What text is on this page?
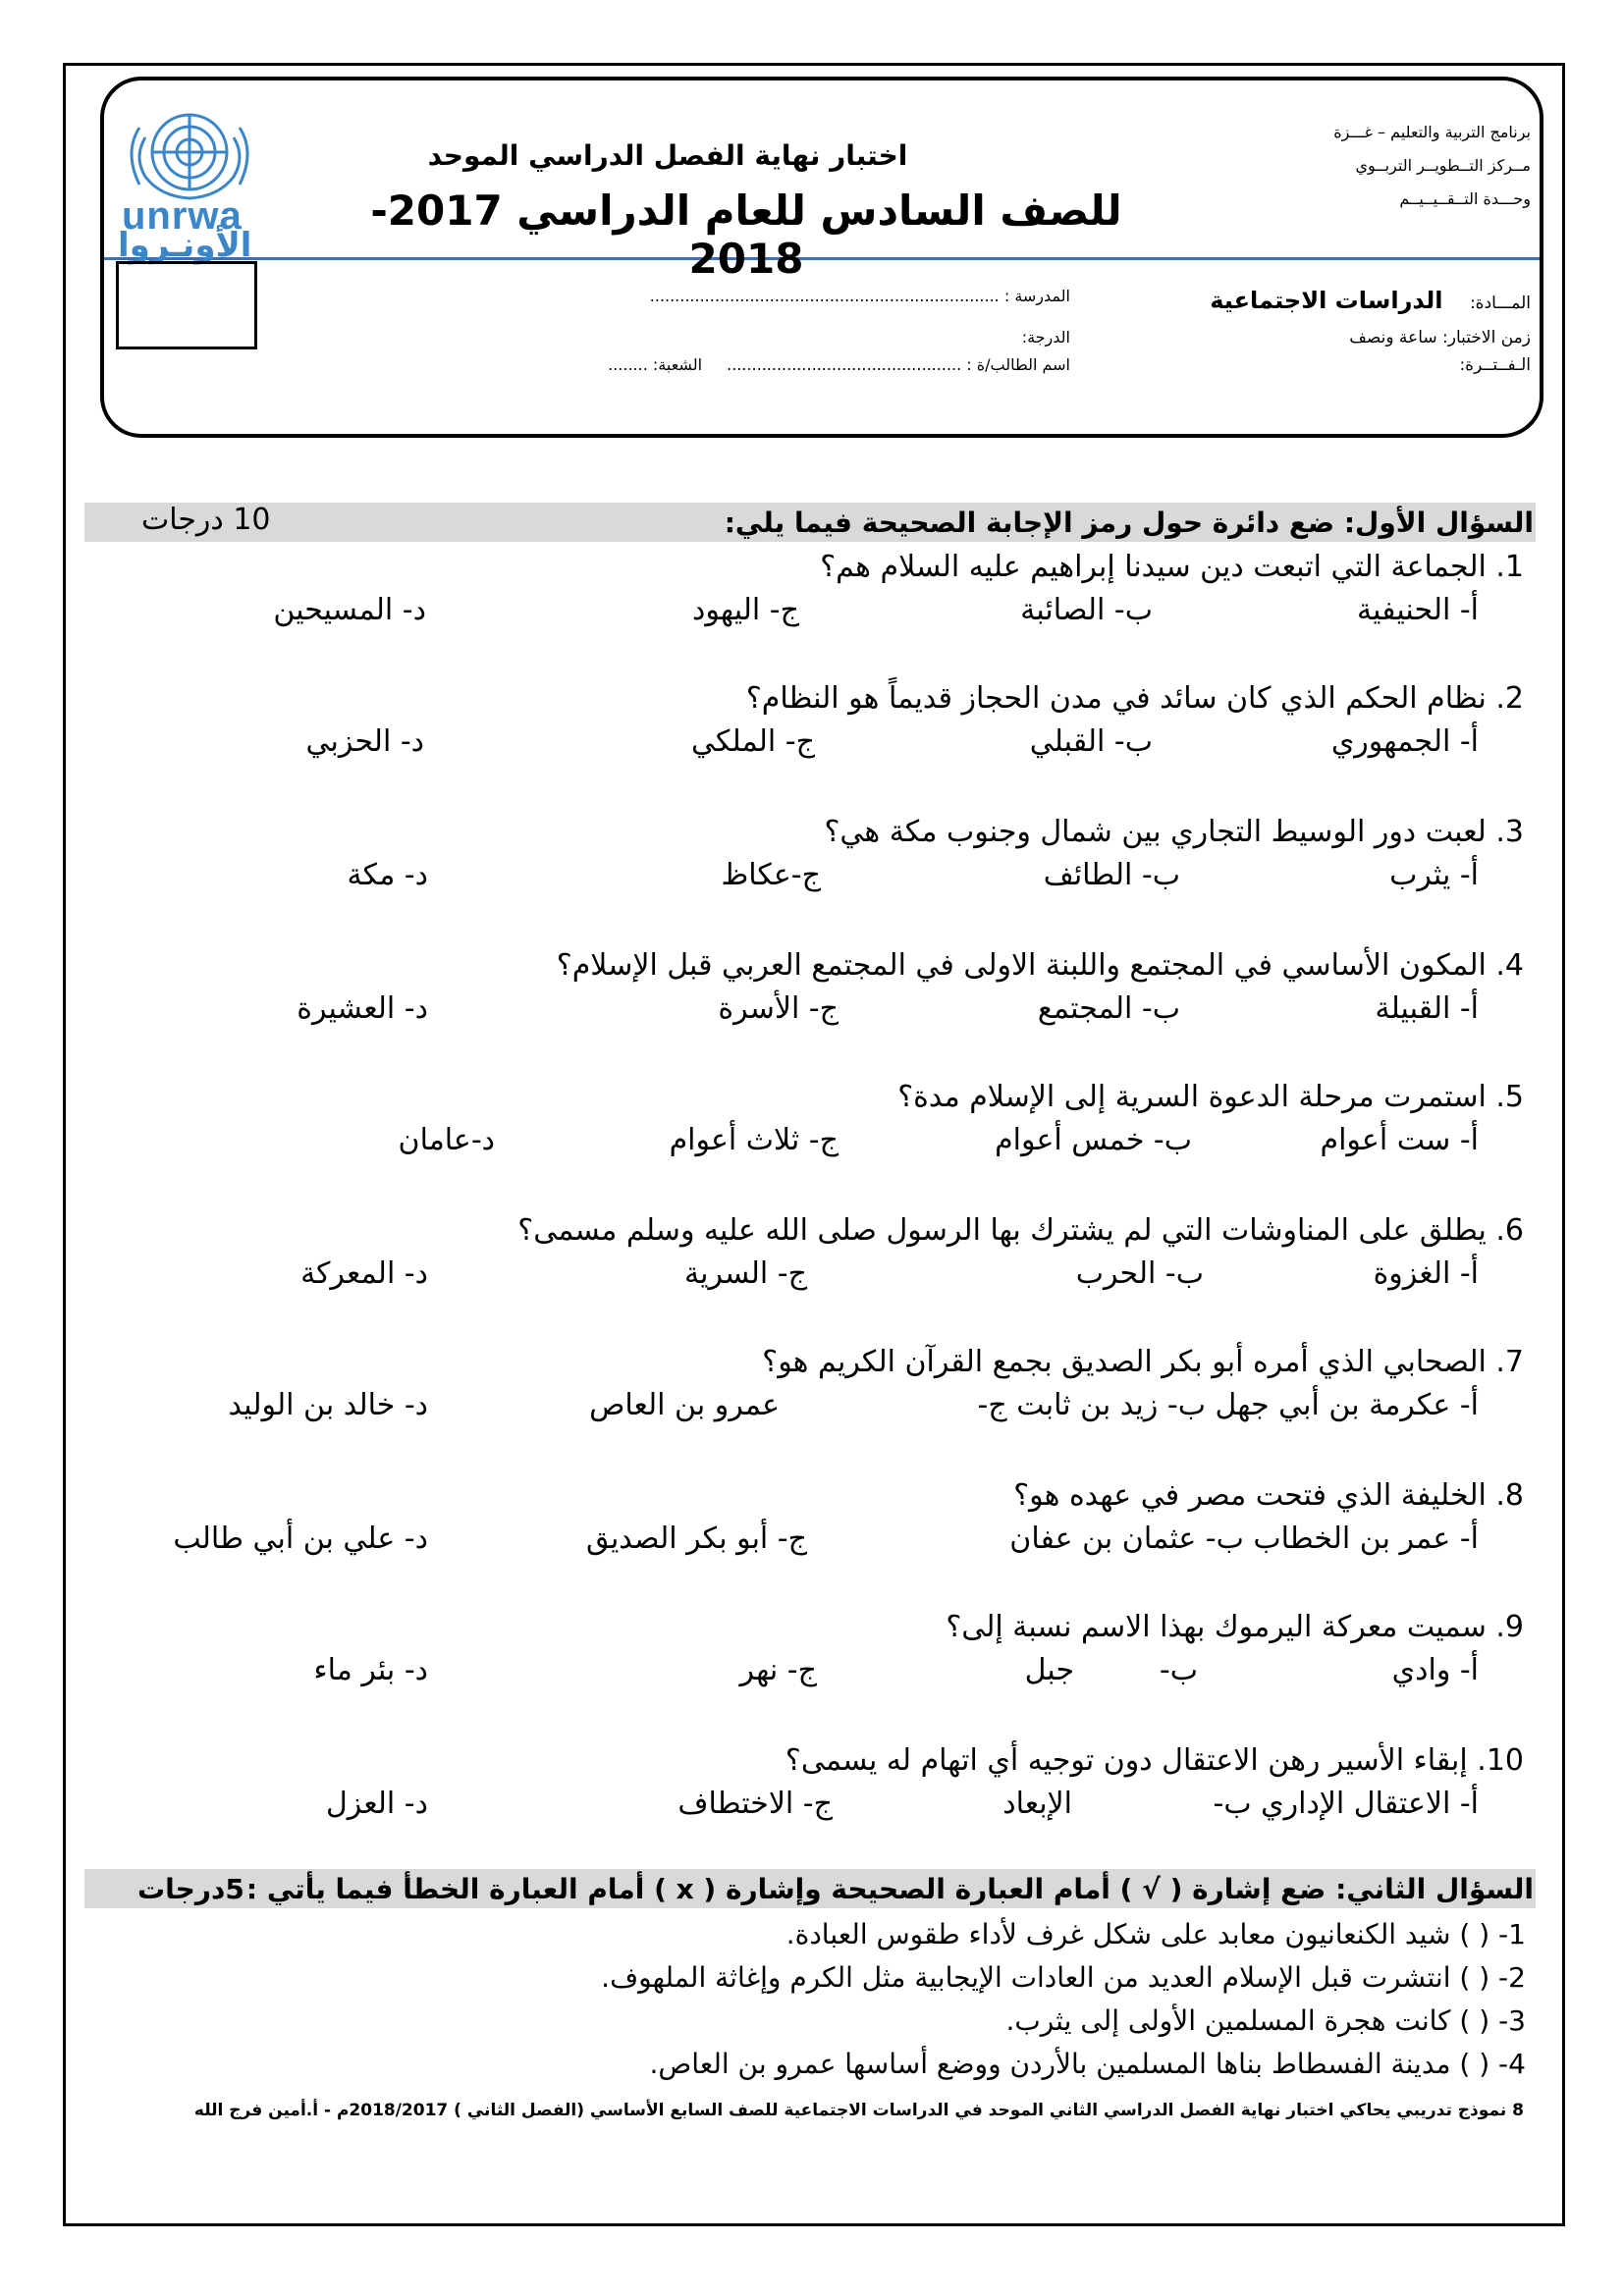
unrwa
الأونـروا
برنامج التربية والتعليم – غـــزة
مــركز التــطويــر التربــوي
وحـــدة التــقــيــيــم
اختبار نهاية الفصل الدراسي الموحد
للصف السادس للعام الدراسي 2017-2018
المـــادة: الدراسات الاجتماعية
زمن الاختبار: ساعة ونصف
الـفــتــرة:
المدرسة : ......................................................................
الدرجة:
اسم الطالب/ة : ............................................... الشعبة: ........
السؤال الأول: ضع دائرة حول رمز الإجابة الصحيحة فيما يلي:
10 درجات
1. الجماعة التي اتبعت دين سيدنا إبراهيم عليه السلام هم؟
أ- الحنيفية
ب- الصائبة
ج- اليهود
د- المسيحين
2. نظام الحكم الذي كان سائد في مدن الحجاز قديماً هو النظام؟
أ- الجمهوري
ب- القبلي
ج- الملكي
د- الحزبي
3. لعبت دور الوسيط التجاري بين شمال وجنوب مكة هي؟
أ- يثرب
ب- الطائف
ج-عكاظ
د- مكة
4. المكون الأساسي في المجتمع واللبنة الاولى في المجتمع العربي قبل الإسلام؟
أ- القبيلة
ب- المجتمع
ج- الأسرة
د- العشيرة
5. استمرت مرحلة الدعوة السرية إلى الإسلام مدة؟
أ- ست أعوام
ب- خمس أعوام
ج- ثلاث أعوام
د-عامان
6. يطلق على المناوشات التي لم يشترك بها الرسول صلى الله عليه وسلم مسمى؟
أ- الغزوة
ب- الحرب
ج- السرية
د- المعركة
7. الصحابي الذي أمره أبو بكر الصديق بجمع القرآن الكريم هو؟
أ- عكرمة بن أبي جهل ب- زيد بن ثابت ج-
عمرو بن العاص
د- خالد بن الوليد
8. الخليفة الذي فتحت مصر في عهده هو؟
أ- عمر بن الخطاب ب- عثمان بن عفان
ج- أبو بكر الصديق
د- علي بن أبي طالب
9. سميت معركة اليرموك بهذا الاسم نسبة إلى؟
أ- وادي
ب-
جبل
ج- نهر
د- بئر ماء
10. إبقاء الأسير رهن الاعتقال دون توجيه أي اتهام له يسمى؟
أ- الاعتقال الإداري ب-
الإبعاد
ج- الاختطاف
د- العزل
السؤال الثاني: ضع إشارة ( √ ) أمام العبارة الصحيحة وإشارة ( x ) أمام العبارة الخطأ فيما يأتي :
5درجات
1- ( ) شيد الكنعانيون معابد على شكل غرف لأداء طقوس العبادة.
2- ( ) انتشرت قبل الإسلام العديد من العادات الإيجابية مثل الكرم وإغاثة الملهوف.
3- ( ) كانت هجرة المسلمين الأولى إلى يثرب.
4- ( ) مدينة الفسطاط بناها المسلمين بالأردن ووضع أساسها عمرو بن العاص.
8 نموذج تدريبي يحاكي اختبار نهاية الفصل الدراسي الثاني الموحد في الدراسات الاجتماعية للصف السابع الأساسي (الفصل الثاني ) 2018/2017م - أ.أمين فرج الله
